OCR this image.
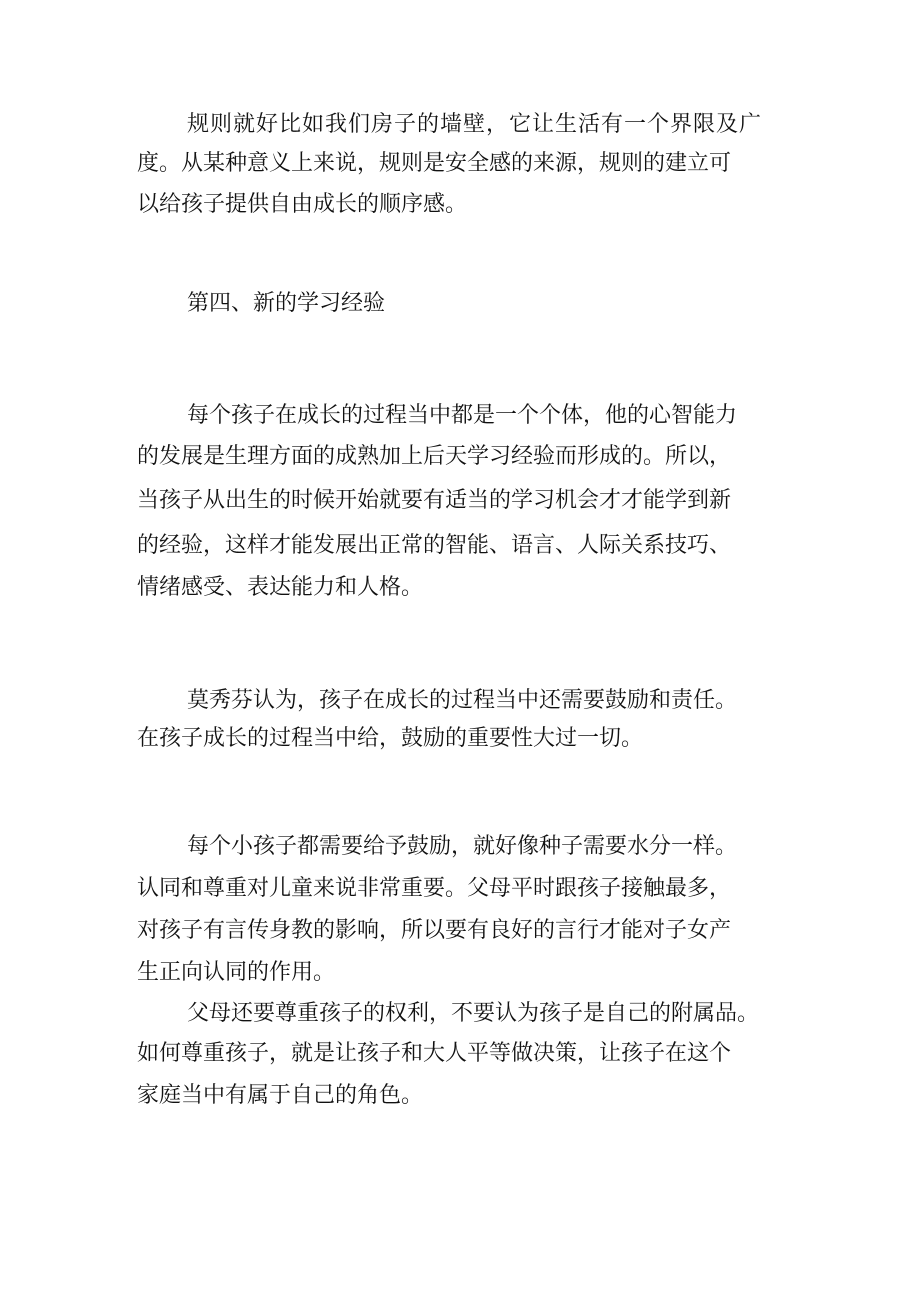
规则就好比如我们房子的墙壁，它让生活有一个界限及广

度。从某种意义上来说，规则是安全感的来源，规则的建立可

以给孩子提供自由成长的顺序感。

第四、新的学习经验

每个孩子在成长的过程当中都是一个个体，他的心智能力

的发展是生理方面的成熟加上后天学习经验而形成的。所以，

当孩子从出生的时候开始就要有适当的学习机会才才能学到新

的经验，这样才能发展出正常的智能、语言、人际关系技巧、

情绪感受、表达能力和人格。

莫秀芬认为，孩子在成长的过程当中还需要鼓励和责任。

在孩子成长的过程当中给，鼓励的重要性大过一切。

每个小孩子都需要给予鼓励，就好像种子需要水分一样。

认同和尊重对儿童来说非常重要。父母平时跟孩子接触最多，

对孩子有言传身教的影响，所以要有良好的言行才能对子女产

生正向认同的作用。

父母还要尊重孩子的权利，不要认为孩子是自己的附属品。

如何尊重孩子，就是让孩子和大人平等做决策，让孩子在这个

家庭当中有属于自己的角色。
